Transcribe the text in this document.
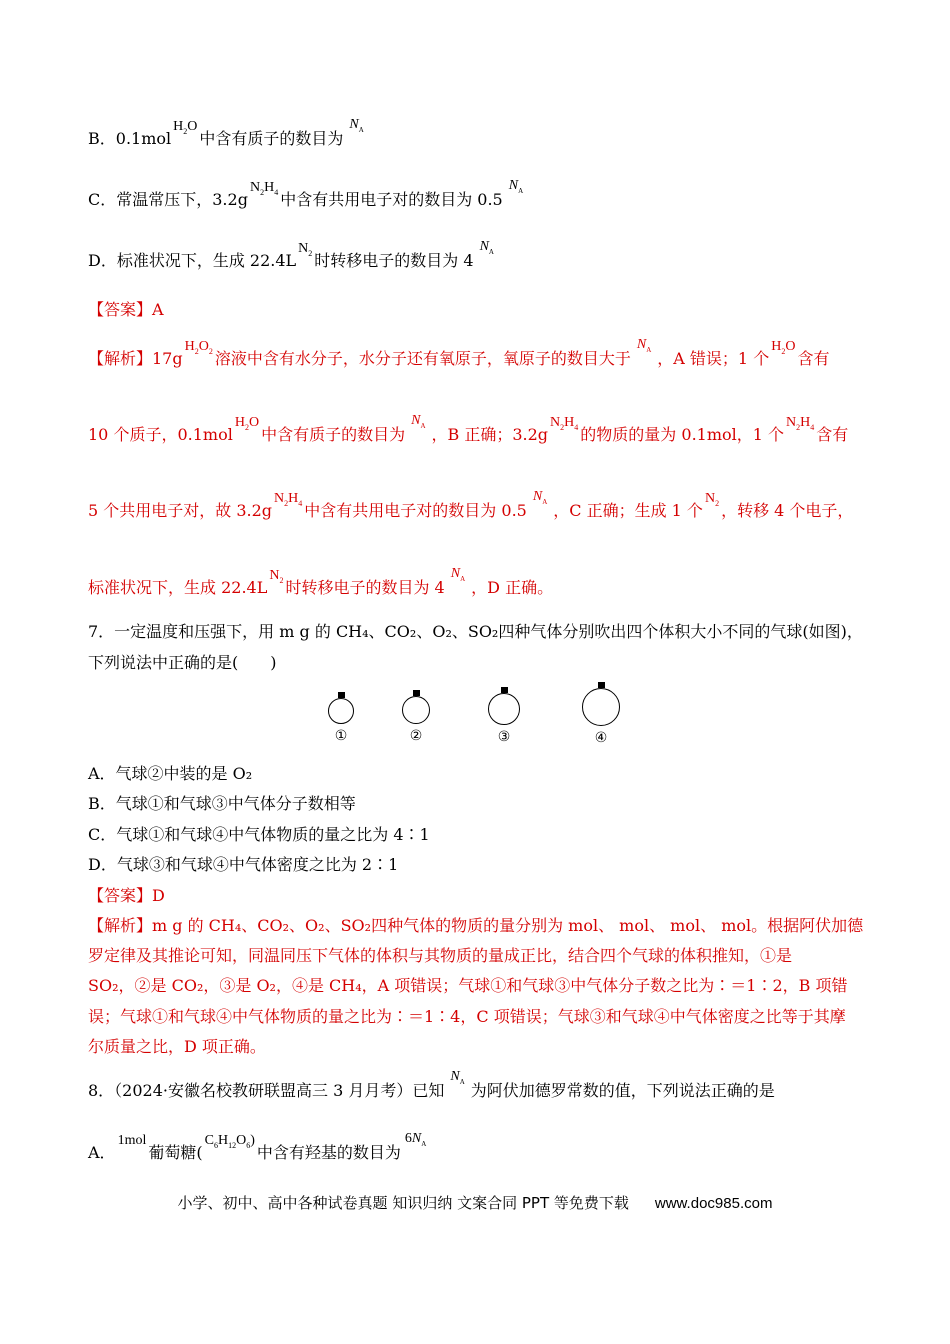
B．0.1molH$_2$O中含有质子的数目为$N_A$
C．常温常压下，$3.2gN_2H_4$ 中含有共用电子对的数目为 $0.5N_A$
D．标准状况下，生成 $22.4LN_2$ 时转移电子的数目为 $4N_A$
【答案】A
【解析】$17gH_2O_2$ 溶液中含有水分子，水分子还有氧原子，氧原子的数目大于$N_A$ ，A 错误；1 个$H_2O$含有
10 个质子，0.1molH$_2$O中含有质子的数目为$N_A$ ，B 正确；$3.2gN_2H_4$ 的物质的量为 0.1mol，1 个$N_2H_4$ 含有
5 个共用电子对，故 $3.2gN_2H_4$ 中含有共用电子对的数目为 $0.5N_A$ ，C 正确；生成 1 个$N_2$ ，转移 4 个电子，
标准状况下，生成 $22.4LN_2$ 时转移电子的数目为 $4N_A$ ，D 正确。
7．一定温度和压强下，用 m g 的 CH₄、CO₂、O₂、SO₂四种气体分别吹出四个体积大小不同的气球(如图)，
下列说法中正确的是(　　)
①	②	③	④
A．气球②中装的是 O₂
B．气球①和气球③中气体分子数相等
C．气球①和气球④中气体物质的量之比为 4∶1
D．气球③和气球④中气体密度之比为 2∶1
【答案】D
【解析】m g 的 CH₄、CO₂、O₂、SO₂四种气体的物质的量分别为 mol、 mol、 mol、 mol。根据阿伏加德
罗定律及其推论可知，同温同压下气体的体积与其物质的量成正比，结合四个气球的体积推知，①是
SO₂，②是 CO₂，③是 O₂，④是 CH₄，A 项错误；气球①和气球③中气体分子数之比为∶＝1∶2，B 项错
误；气球①和气球④中气体物质的量之比为∶＝1∶4，C 项错误；气球③和气球④中气体密度之比等于其摩
尔质量之比，D 项正确。
8．（2024·安徽名校教研联盟高三 3 月月考）已知$N_A$ 为阿伏加德罗常数的值，下列说法正确的是
A．1mol葡萄糖$(C_6H_{12}O_6)$中含有羟基的数目为$6N_A$
小学、初中、高中各种试卷真题 知识归纳 文案合同 PPT 等免费下载 www.doc985.com
